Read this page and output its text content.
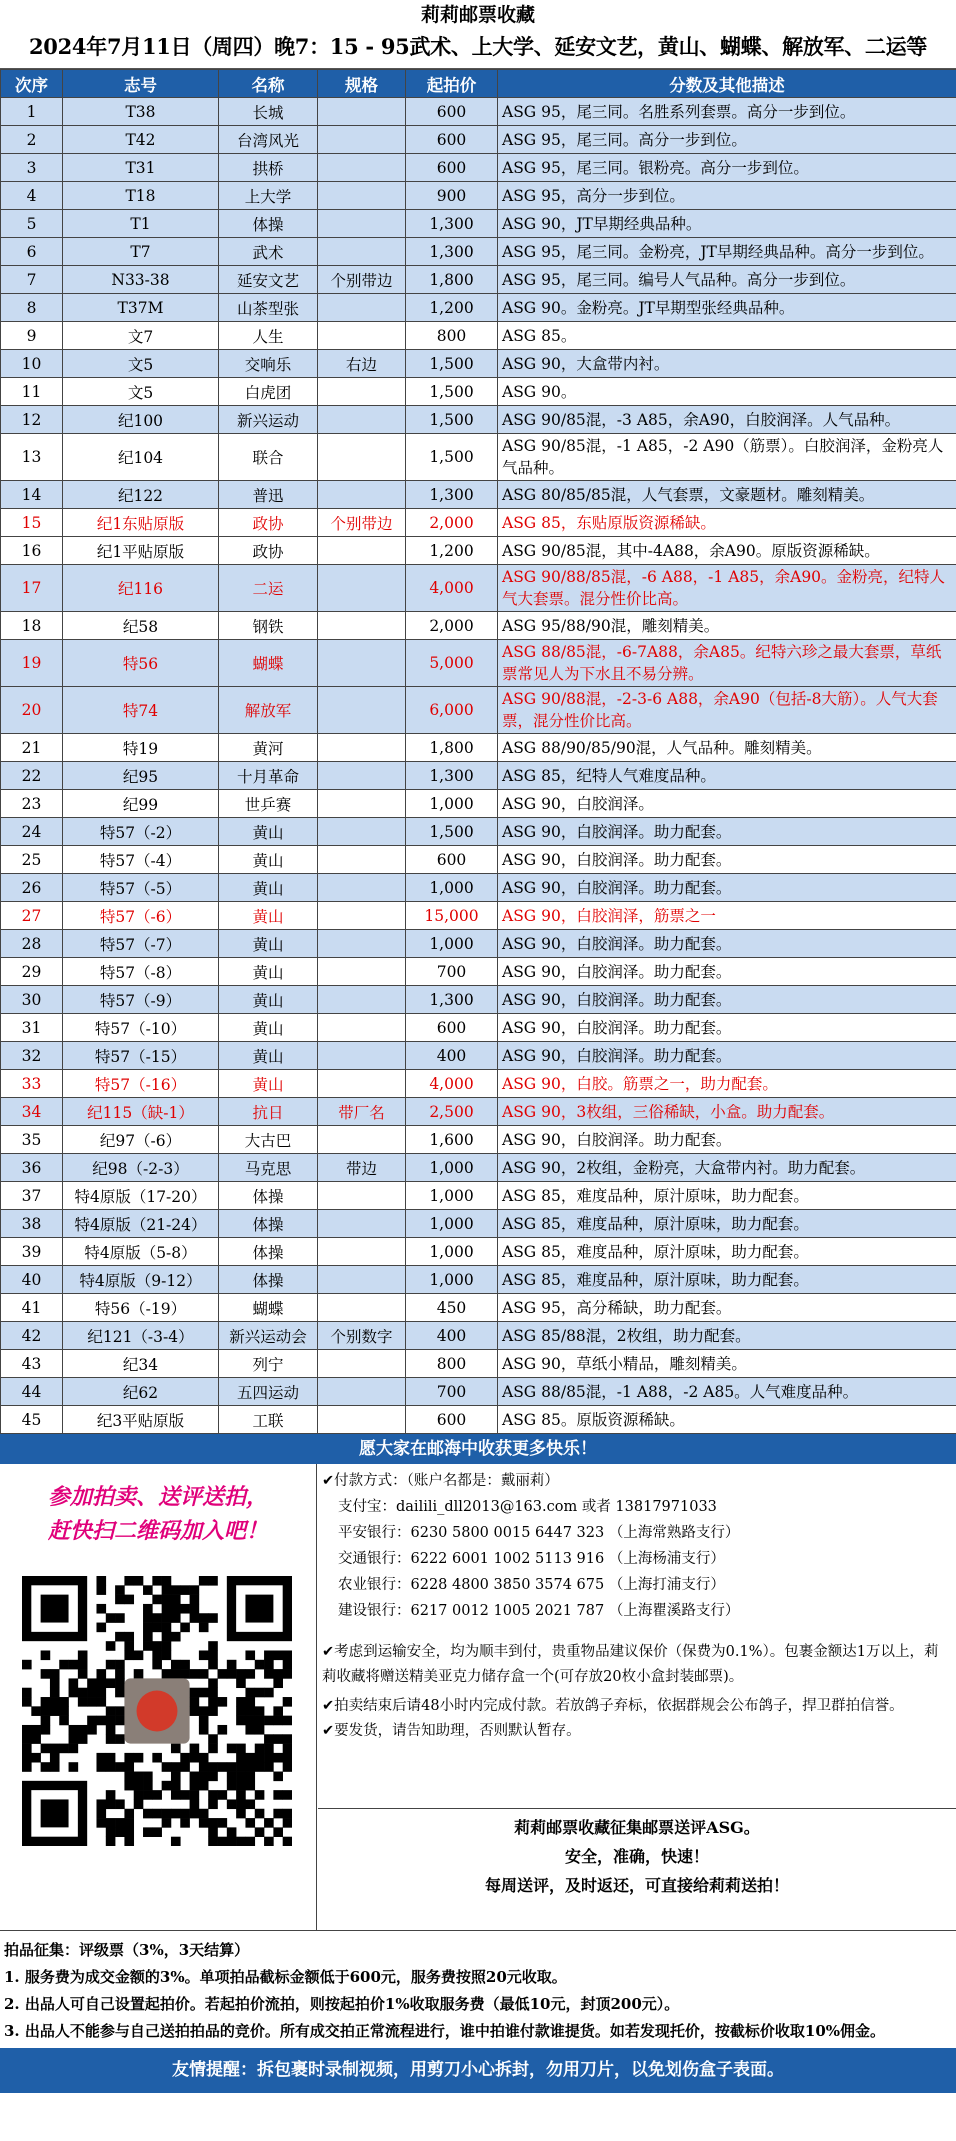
莉莉邮票收藏
2024年7月11日（周四）晚7：15 - 95武术、上大学、延安文艺，黄山、蝴蝶、解放军、二运等
次序	志号	名称	规格	起拍价	分数及其他描述
1	T38	长城		600	ASG 95，尾三同。名胜系列套票。高分一步到位。
2	T42	台湾风光		600	ASG 95，尾三同。高分一步到位。
3	T31	拱桥		600	ASG 95，尾三同。银粉亮。高分一步到位。
4	T18	上大学		900	ASG 95，高分一步到位。
5	T1	体操		1,300	ASG 90，JT早期经典品种。
6	T7	武术		1,300	ASG 95，尾三同。金粉亮，JT早期经典品种。高分一步到位。
7	N33-38	延安文艺	个别带边	1,800	ASG 95，尾三同。编号人气品种。高分一步到位。
8	T37M	山茶型张		1,200	ASG 90。金粉亮。JT早期型张经典品种。
9	文7	人生		800	ASG 85。
10	文5	交响乐	右边	1,500	ASG 90，大盒带内衬。
11	文5	白虎团		1,500	ASG 90。
12	纪100	新兴运动		1,500	ASG 90/85混，-3 A85，余A90，白胶润泽。人气品种。
13	纪104	联合		1,500	ASG 90/85混，-1 A85，-2 A90（筋票）。白胶润泽，金粉亮人气品种。
14	纪122	普迅		1,300	ASG 80/85/85混，人气套票，文豪题材。雕刻精美。
15	纪1东贴原版	政协	个别带边	2,000	ASG 85，东贴原版资源稀缺。
16	纪1平贴原版	政协		1,200	ASG 90/85混，其中-4A88，余A90。原版资源稀缺。
17	纪116	二运		4,000	ASG 90/88/85混，-6 A88，-1 A85，余A90。金粉亮，纪特人气大套票。混分性价比高。
18	纪58	钢铁		2,000	ASG 95/88/90混，雕刻精美。
19	特56	蝴蝶		5,000	ASG 88/85混，-6-7A88，余A85。纪特六珍之最大套票，草纸票常见人为下水且不易分辨。
20	特74	解放军		6,000	ASG 90/88混，-2-3-6 A88，余A90（包括-8大筋）。人气大套票，混分性价比高。
21	特19	黄河		1,800	ASG 88/90/85/90混，人气品种。雕刻精美。
22	纪95	十月革命		1,300	ASG 85，纪特人气难度品种。
23	纪99	世乒赛		1,000	ASG 90，白胶润泽。
24	特57（-2）	黄山		1,500	ASG 90，白胶润泽。助力配套。
25	特57（-4）	黄山		600	ASG 90，白胶润泽。助力配套。
26	特57（-5）	黄山		1,000	ASG 90，白胶润泽。助力配套。
27	特57（-6）	黄山		15,000	ASG 90，白胶润泽，筋票之一
28	特57（-7）	黄山		1,000	ASG 90，白胶润泽。助力配套。
29	特57（-8）	黄山		700	ASG 90，白胶润泽。助力配套。
30	特57（-9）	黄山		1,300	ASG 90，白胶润泽。助力配套。
31	特57（-10）	黄山		600	ASG 90，白胶润泽。助力配套。
32	特57（-15）	黄山		400	ASG 90，白胶润泽。助力配套。
33	特57（-16）	黄山		4,000	ASG 90，白胶。筋票之一，助力配套。
34	纪115（缺-1）	抗日	带厂名	2,500	ASG 90，3枚组，三俗稀缺，小盒。助力配套。
35	纪97（-6）	大古巴		1,600	ASG 90，白胶润泽。助力配套。
36	纪98（-2-3）	马克思	带边	1,000	ASG 90，2枚组，金粉亮，大盒带内衬。助力配套。
37	特4原版（17-20）	体操		1,000	ASG 85，难度品种，原汁原味，助力配套。
38	特4原版（21-24）	体操		1,000	ASG 85，难度品种，原汁原味，助力配套。
39	特4原版（5-8）	体操		1,000	ASG 85，难度品种，原汁原味，助力配套。
40	特4原版（9-12）	体操		1,000	ASG 85，难度品种，原汁原味，助力配套。
41	特56（-19）	蝴蝶		450	ASG 95，高分稀缺，助力配套。
42	纪121（-3-4）	新兴运动会	个别数字	400	ASG 85/88混，2枚组，助力配套。
43	纪34	列宁		800	ASG 90，草纸小精品，雕刻精美。
44	纪62	五四运动		700	ASG 88/85混，-1 A88，-2 A85。人气难度品种。
45	纪3平贴原版	工联		600	ASG 85。原版资源稀缺。
愿大家在邮海中收获更多快乐！
参加拍卖、送评送拍，
赶快扫二维码加入吧！
✔付款方式：（账户名都是：戴丽莉）
支付宝：dailili_dll2013@163.com 或者 13817971033
平安银行：6230 5800 0015 6447 323 （上海常熟路支行）
交通银行：6222 6001 1002 5113 916 （上海杨浦支行）
农业银行：6228 4800 3850 3574 675 （上海打浦支行）
建设银行：6217 0012 1005 2021 787 （上海瞿溪路支行）
✔考虑到运输安全，均为顺丰到付，贵重物品建议保价（保费为0.1%）。包裹金额达1万以上，莉莉收藏将赠送精美亚克力储存盒一个(可存放20枚小盒封装邮票)。
✔拍卖结束后请48小时内完成付款。若放鸽子弃标，依据群规会公布鸽子，捍卫群拍信誉。
✔要发货，请告知助理，否则默认暂存。
莉莉邮票收藏征集邮票送评ASG。
安全，准确，快速！
每周送评，及时返还，可直接给莉莉送拍！
拍品征集：评级票（3%，3天结算）
1. 服务费为成交金额的3%。单项拍品截标金额低于600元，服务费按照20元收取。
2. 出品人可自己设置起拍价。若起拍价流拍，则按起拍价1%收取服务费（最低10元，封顶200元）。
3. 出品人不能参与自己送拍拍品的竞价。所有成交拍正常流程进行，谁中拍谁付款谁提货。如若发现托价，按截标价收取10%佣金。
友情提醒：拆包裹时录制视频，用剪刀小心拆封，勿用刀片，以免划伤盒子表面。
